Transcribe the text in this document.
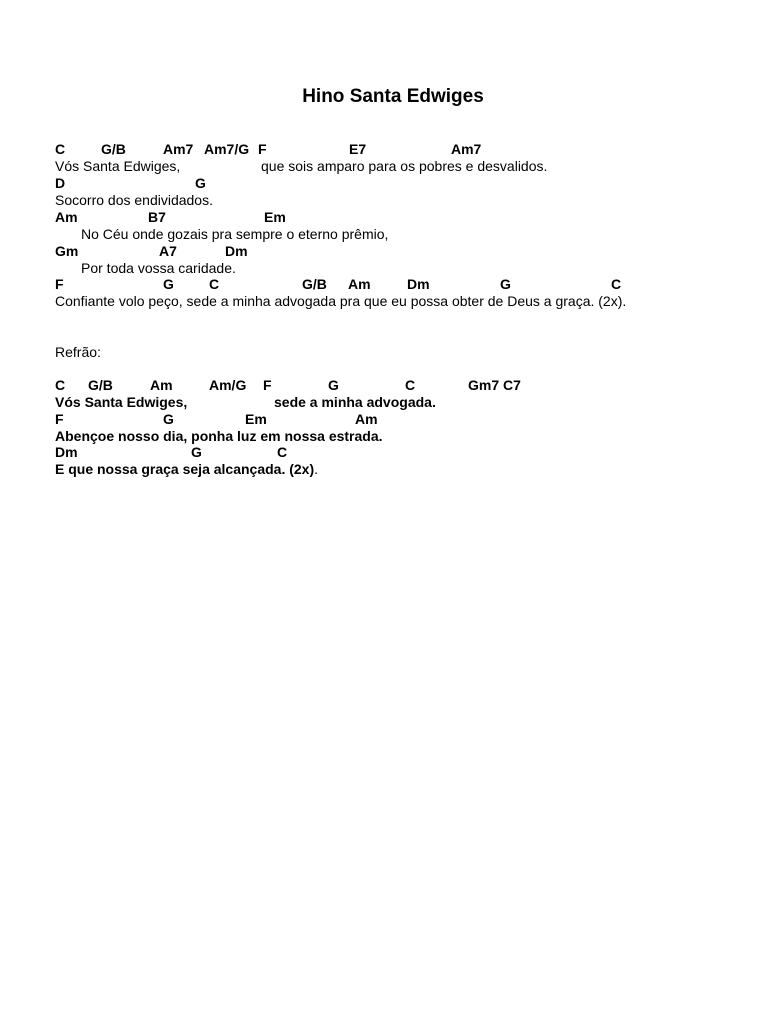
Hino Santa Edwiges
C	G/B	Am7 Am7/G F	E7	Am7
Vós Santa Edwiges,	que sois amparo para os pobres e desvalidos.
D	G
Socorro dos endividados.
Am	B7	Em
No Céu onde gozais pra sempre o eterno prêmio,
Gm	A7	Dm
Por toda vossa caridade.
F	G	C	G/B Am	Dm	G	C
Confiante volo peço, sede a minha advogada pra que eu possa obter de Deus a graça. (2x).
Refrão:
C G/B	Am	Am/G F	G	C	Gm7 C7
Vós Santa Edwiges,	sede a minha advogada.
F	G	Em	Am
Abençoe nosso dia, ponha luz em nossa estrada.
Dm	G	C
E que nossa graça seja alcançada. (2x).
